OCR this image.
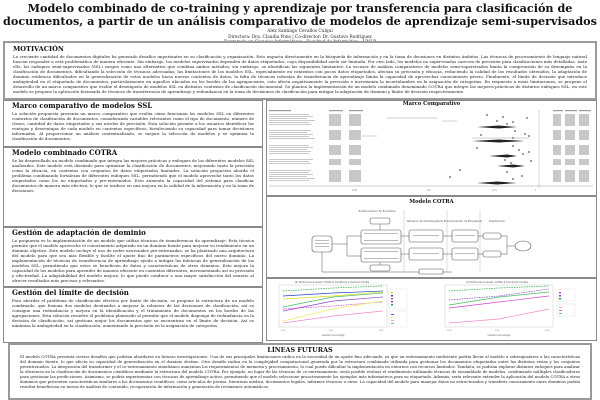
Modelo combinado de co-training y aprendizaje por transferencia para clasificación de
documentos, a partir de un análisis comparativo de modelos de aprendizaje semi-supervisados
Alex Santiago Cevallos Culqui
Directora: Dra. Claudia Pons | Co-director: Dr. Gustavo Rodríguez
MOTIVACIÓN
La creciente cantidad de documentos digitales ha generado desafíos importantes en su clasificación y organización. Esto impacta directamente en la búsqueda de información y en la toma de decisiones en distintos ámbitos. Las técnicas de procesamiento de lenguaje natural buscan responder a esta problemática de manera eficiente. Sin embargo, los modelos supervisados dependen de datos etiquetados, cuya disponibilidad suele ser limitada. Por otro lado, los modelos no supervisados carecen de precisión para clasificaciones más detalladas. Ante ello, los enfoques semi-supervisados (SSL) surgen como una alternativa que combina ambos métodos; sin embargo, se identifican las siguientes limitantes: La escasez de análisis comparativos de modelos semi-supervisados limita la comprensión de su desempeño en la clasificación de documentos, dificultando la selección de técnicas adecuadas; las limitaciones de los modelos SSL, especialmente en contextos con pocos datos etiquetados, afectan su precisión y eficacia, reduciendo la calidad de los resultados obtenidos; la adaptación de dominio evidencia dificultades en la generalización de estos modelos hacia nuevos contextos de datos, la falta de técnicas robustas de transferencia de aprendizaje limita la capacidad de aprovechar conocimiento previo. Finalmente, el límite de decisión que introduce ambigüedad en el etiquetado de documentos, particularmente en aquellos ubicados en los bordes de las agrupaciones, esto afecta negativamente la precisión e incrementa la incertidumbre en la asignación de categorías. En respuesta a estas limitaciones, se propone el desarrollo de un marco comparativo que evalúe el desempeño de modelos SSL en distintos contextos de clasificación documental. Se plantea la implementación de un modelo combinado denominado COTRA que integre las mejores prácticas de distintos enfoques SSL, en este modelo se propone la aplicación fusionada de técnicas de transferencia de aprendizaje y redundancia en la toma de decisiones de clasificación para mitigar la adaptación de dominio y límite de decisión respectivamente.
Marco comparativo de modelos SSL
La solución propuesta presenta un marco comparativo que evalúa cómo funcionan los modelos SSL en diferentes contextos de clasificación de documentos, considerando variables relevantes como el tipo de documento, número de clases, cantidad de datos etiquetados y sus niveles de precisión. Esta solución permite a los usuarios identificar las ventajas y desventajas de cada modelo en contextos específicos, fortaleciendo su capacidad para tomar decisiones informadas. Al proporcionar un análisis contextualizado, se mejora la selección de modelos y se optimiza la clasificación de documentos.
Modelo combinado COTRA
Se ha desarrollado un modelo combinado que integra las mejores prácticas y enfoques de los diferentes modelos SSL analizados. Este modelo está diseñado para optimizar la clasificación de documentos, mejorando tanto la precisión como la eficacia, en contextos con conjuntos de datos etiquetados limitados. La solución propuesta aborda el problema combinando fortalezas de diferentes enfoques SSL, permitiendo que el modelo aproveche tanto los datos etiquetados como los no etiquetados y pre-entrenados. Esto aumenta la capacidad del sistema para clasificar documentos de manera más efectiva, lo que se traduce en una mejora en la calidad de la información y en la toma de decisiones.
Gestión de adaptación de dominio
La propuesta es la implementación de un modelo que utiliza técnicas de transferencia de aprendizaje. Esta técnica permite que el modelo aproveche el conocimiento adquirido en un dominio fuente para mejorar su rendimiento en un dominio objetivo. Este modelo incluye el uso de redes neuronales pre-entrenadas; se ha planteado una arquitectura del modelo para que sea más flexible y facilite el ajuste fino de parámetros específicos del nuevo dominio. La implementación de técnicas de transferencia de aprendizaje ayuda a mitigar las falencias de generalización de los modelos SSL, permitiendo que estos se beneficien de datos y características de otros dominios. Esto mejora la capacidad de los modelos para aprender de manera eficiente en contextos diferentes, incrementando así su precisión y efectividad. La adaptabilidad del modelo mejora, lo que puede conducir a una mayor satisfacción del usuario al ofrecer resultados más precisos y relevantes.
Gestión del límite de decisión
Para abordar el problema de clasificación efectiva por límite de decisión, se propone la estructura de un modelo combinado, que fusiona dos modelos destinados a mejorar la robustez de las decisiones de clasificación, así se consigue una redundancia y mejora en la identificación y el tratamiento de documentos en los bordes de las agrupaciones. Esta solución resuelve el problema planteado al permitir que el modelo disponga de redundancia en la decisión de clasificación, así gestiona mejor los documentos que se encuentran en el límite de decisión. Así se minimiza la ambigüedad en la clasificación, aumentando la precisión en la asignación de categorías.
Marco Comparativo
0.25	0.5	0.75	1
Modelo COTRA
Entrenamiento de Ensamble
Refuerzo de autoetiquetado Entrenamiento de Etiquetado	Clasificación
(b) Performance levels: COTRA & traditional individual models
Labeled percentage
10%	20%	30%
(b) Performance levels: COTRA & Combined models
Labeled percentage
10%	20%	30%
LÍNEAS FUTURAS
El modelo COTRA presenta ciertos desafíos que podrían abordarse en futuras investigaciones. Una de sus principales limitaciones radica en la necesidad de un ajuste fino adecuado, ya que un entrenamiento ineficiente podría llevar al modelo a sobreajustarse a las características del dominio fuente, lo que afecta su capacidad de generalización en el dominio destino. Otro desafío radica en la complejidad computacional generada por la estructura combinada utilizada para gestionar los documentos etiquetados entre las distintas vistas y los conjuntos preentrenados. La integración del transformer y el co-entrenamiento simultáneo aumentan los requerimientos de memoria y procesamiento, lo cual puede dificultar la implementación en entornos con recursos limitados. También, se podrían explorar distintos enfoques para analizar la eficiencia en la clasificación de documentos científicos mediante la estructura del modelo COTRA. Por ejemplo, en lugar de las técnicas de co-entrenamiento, sería posible evaluar el rendimiento utilizando técnicas de ensamblado de modelos, combinando múltiples clasificadores para gestionar las predicciones. Asimismo, se podría experimentar con técnicas de aprendizaje activo, permitiendo que el modelo seleccione proactivamente los ejemplos más informativos para su etiquetado. Además, sería relevante extender la aplicación del modelo COTRA a otros dominios que presenten características similares a los documentos científicos, como artículos de prensa, literatura médica, documentos legales, informes técnicos u otros. La capacidad del modelo para manejar datos no estructurados y transferir conocimiento entre dominios podría resultar beneficiosa en tareas de análisis de contenido, recuperación de información y generación de resúmenes automáticos.
